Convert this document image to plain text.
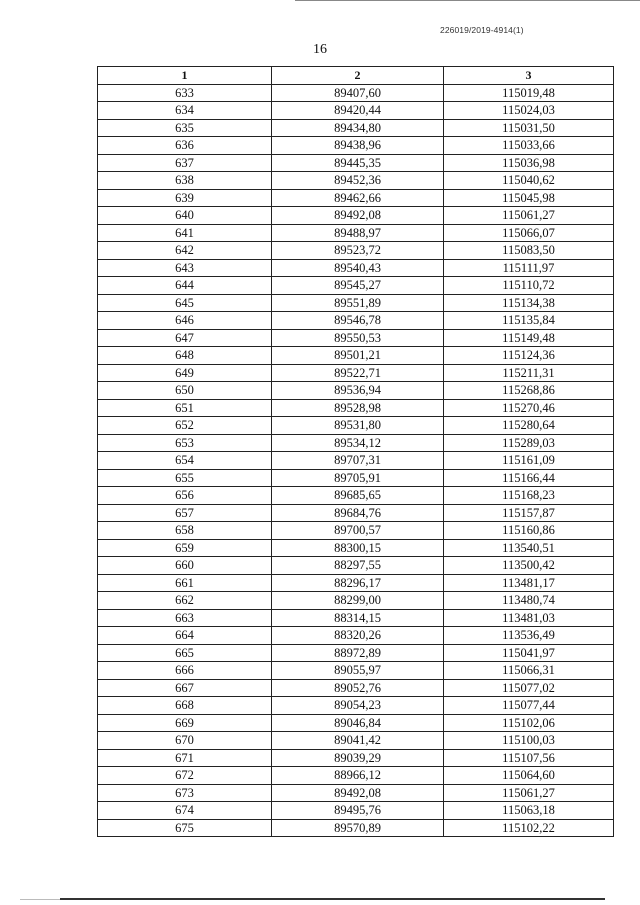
226019/2019-4914(1)
16
1	2	3
633	89407,60	115019,48
634	89420,44	115024,03
635	89434,80	115031,50
636	89438,96	115033,66
637	89445,35	115036,98
638	89452,36	115040,62
639	89462,66	115045,98
640	89492,08	115061,27
641	89488,97	115066,07
642	89523,72	115083,50
643	89540,43	115111,97
644	89545,27	115110,72
645	89551,89	115134,38
646	89546,78	115135,84
647	89550,53	115149,48
648	89501,21	115124,36
649	89522,71	115211,31
650	89536,94	115268,86
651	89528,98	115270,46
652	89531,80	115280,64
653	89534,12	115289,03
654	89707,31	115161,09
655	89705,91	115166,44
656	89685,65	115168,23
657	89684,76	115157,87
658	89700,57	115160,86
659	88300,15	113540,51
660	88297,55	113500,42
661	88296,17	113481,17
662	88299,00	113480,74
663	88314,15	113481,03
664	88320,26	113536,49
665	88972,89	115041,97
666	89055,97	115066,31
667	89052,76	115077,02
668	89054,23	115077,44
669	89046,84	115102,06
670	89041,42	115100,03
671	89039,29	115107,56
672	88966,12	115064,60
673	89492,08	115061,27
674	89495,76	115063,18
675	89570,89	115102,22
